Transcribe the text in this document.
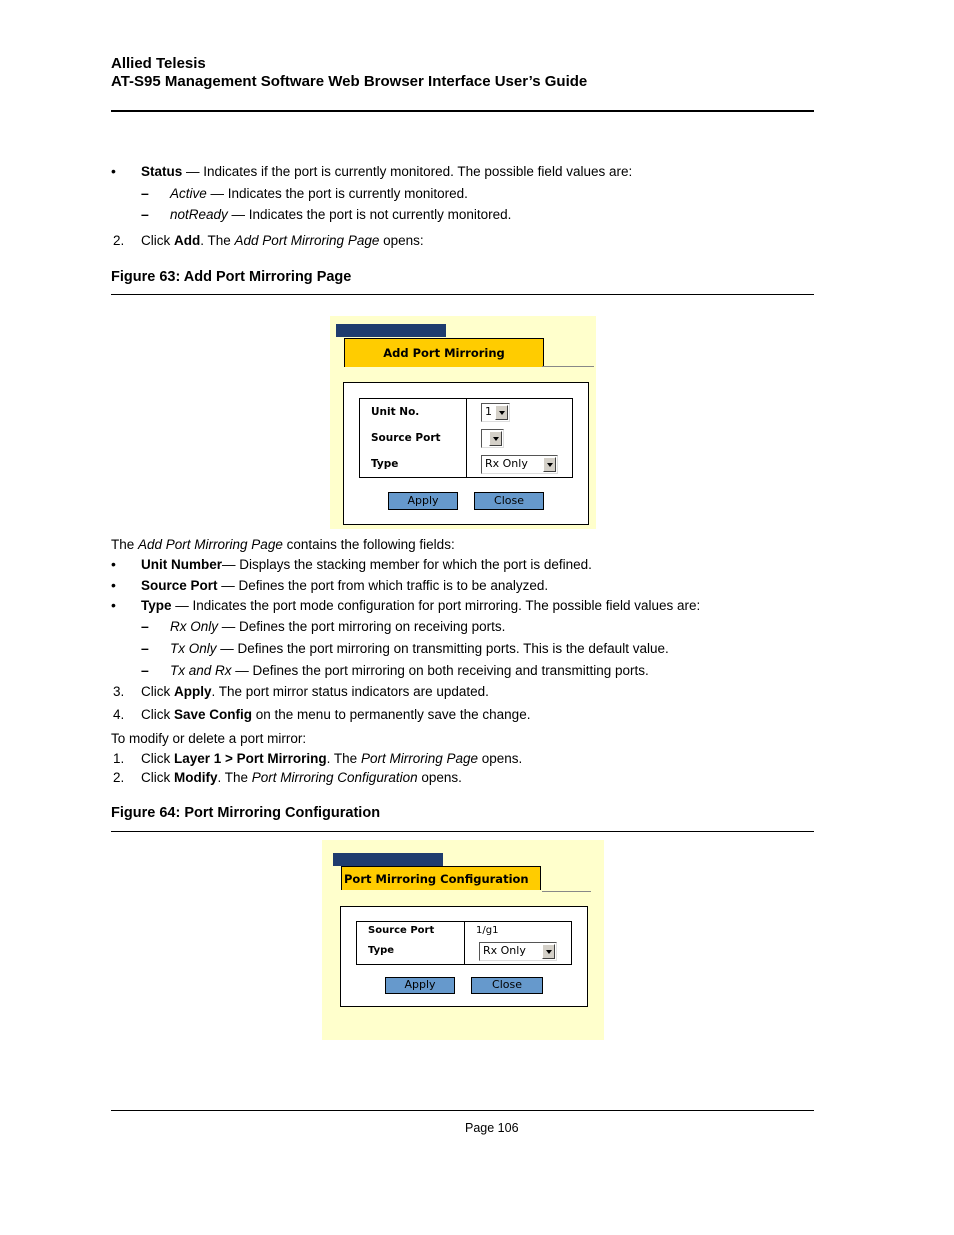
Allied Telesis
AT-S95 Management Software Web Browser Interface User’s Guide
• Status — Indicates if the port is currently monitored. The possible field values are:
– Active — Indicates the port is currently monitored.
– notReady — Indicates the port is not currently monitored.
2. Click Add. The Add Port Mirroring Page opens:
Figure 63: Add Port Mirroring Page
Add Port Mirroring
Unit No.
Source Port
Type
1
Rx Only
Apply	Close
The Add Port Mirroring Page contains the following fields:
• Unit Number— Displays the stacking member for which the port is defined.
• Source Port — Defines the port from which traffic is to be analyzed.
• Type — Indicates the port mode configuration for port mirroring. The possible field values are:
– Rx Only — Defines the port mirroring on receiving ports.
– Tx Only — Defines the port mirroring on transmitting ports. This is the default value.
– Tx and Rx — Defines the port mirroring on both receiving and transmitting ports.
3. Click Apply. The port mirror status indicators are updated.
4. Click Save Config on the menu to permanently save the change.
To modify or delete a port mirror:
1. Click Layer 1 > Port Mirroring. The Port Mirroring Page opens.
2. Click Modify. The Port Mirroring Configuration opens.
Figure 64: Port Mirroring Configuration
Port Mirroring Configuration
Source Port
Type
1/g1
Rx Only
Apply	Close
Page 106
